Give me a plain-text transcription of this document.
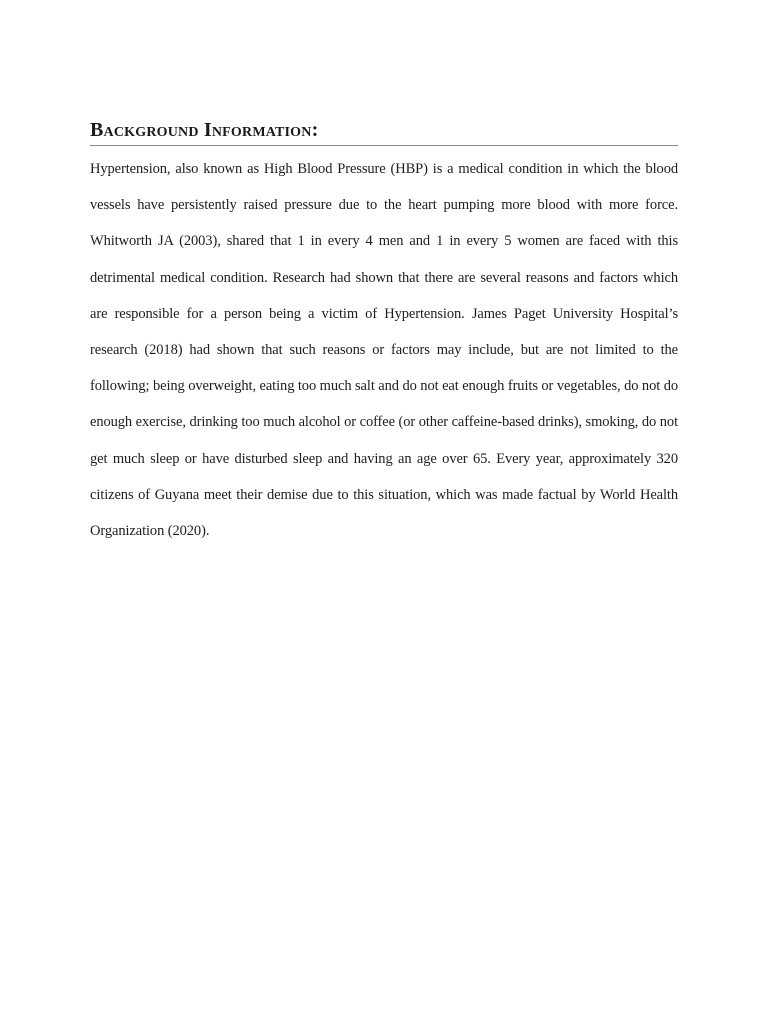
Background Information:

Hypertension, also known as High Blood Pressure (HBP) is a medical condition in which the blood vessels have persistently raised pressure due to the heart pumping more blood with more force. Whitworth JA (2003), shared that 1 in every 4 men and 1 in every 5 women are faced with this detrimental medical condition. Research had shown that there are several reasons and factors which are responsible for a person being a victim of Hypertension. James Paget University Hospital’s research (2018) had shown that such reasons or factors may include, but are not limited to the following; being overweight, eating too much salt and do not eat enough fruits or vegetables, do not do enough exercise, drinking too much alcohol or coffee (or other caffeine-based drinks), smoking, do not get much sleep or have disturbed sleep and having an age over 65. Every year, approximately 320 citizens of Guyana meet their demise due to this situation, which was made factual by World Health Organization (2020).
